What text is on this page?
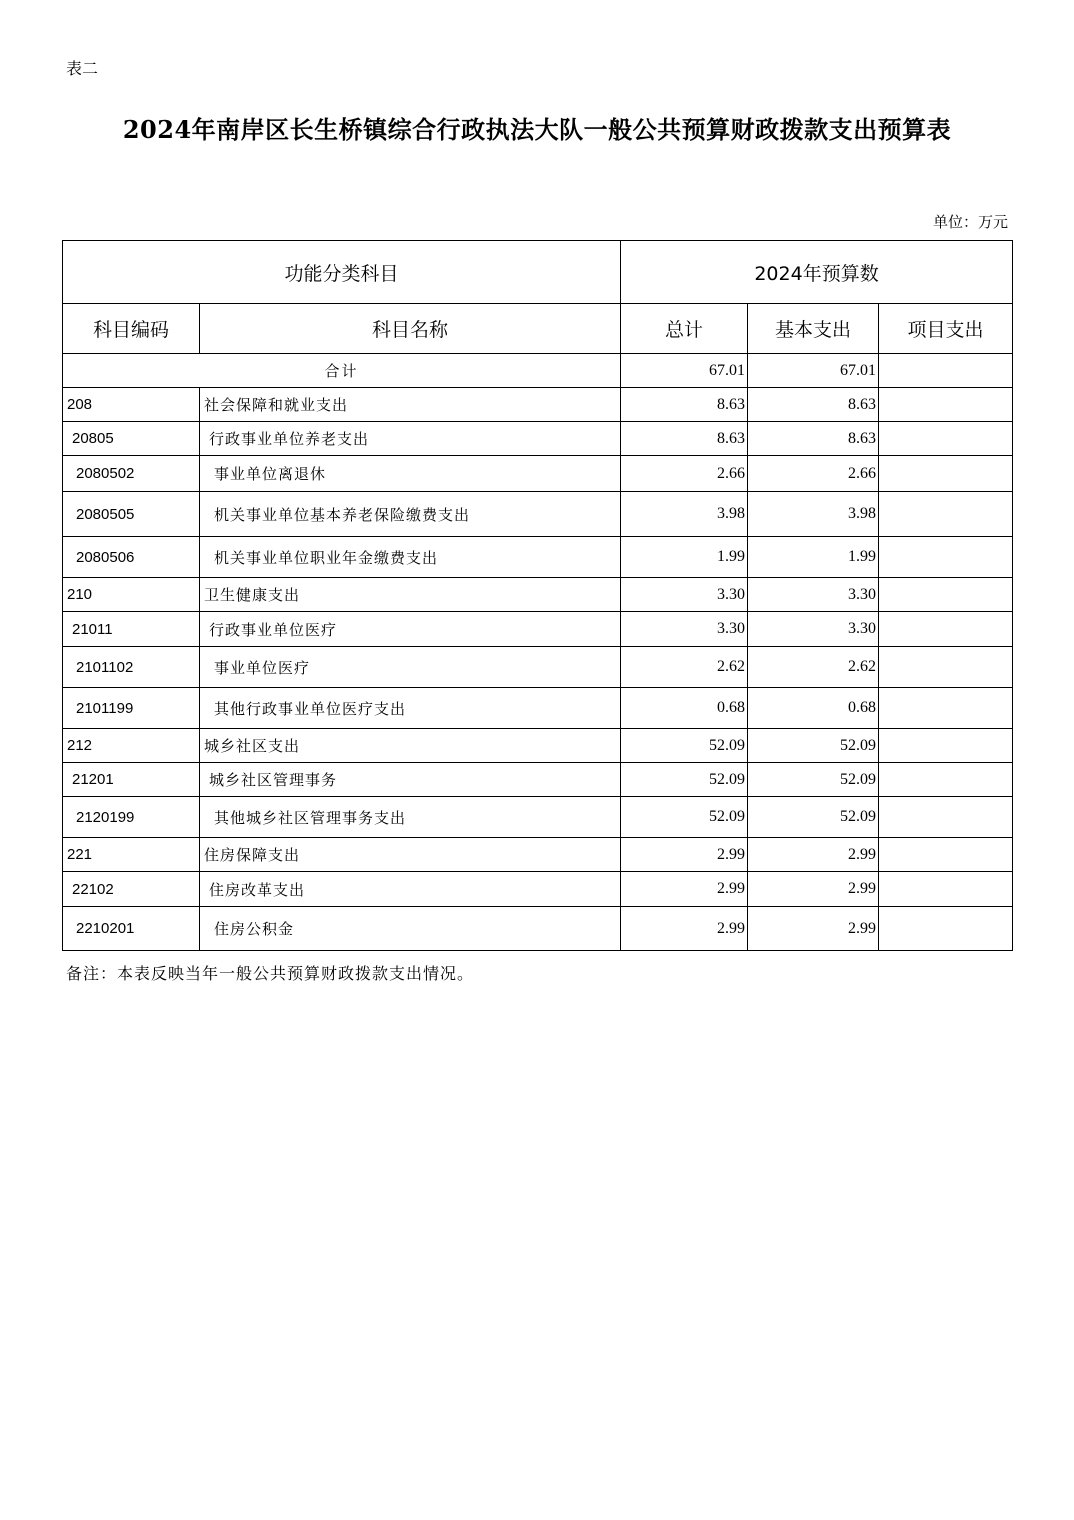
表二
2024年南岸区长生桥镇综合行政执法大队一般公共预算财政拨款支出预算表
单位：万元
功能分类科目		2024年预算数		
科目编码	科目名称	总计	基本支出	项目支出
合计		67.01	67.01	
208	社会保障和就业支出	8.63	8.63	
20805	行政事业单位养老支出	8.63	8.63	
2080502	事业单位离退休	2.66	2.66	
2080505	机关事业单位基本养老保险缴费支出	3.98	3.98	
2080506	机关事业单位职业年金缴费支出	1.99	1.99	
210	卫生健康支出	3.30	3.30	
21011	行政事业单位医疗	3.30	3.30	
2101102	事业单位医疗	2.62	2.62	
2101199	其他行政事业单位医疗支出	0.68	0.68	
212	城乡社区支出	52.09	52.09	
21201	城乡社区管理事务	52.09	52.09	
2120199	其他城乡社区管理事务支出	52.09	52.09	
221	住房保障支出	2.99	2.99	
22102	住房改革支出	2.99	2.99	
2210201	住房公积金	2.99	2.99	
备注：本表反映当年一般公共预算财政拨款支出情况。
